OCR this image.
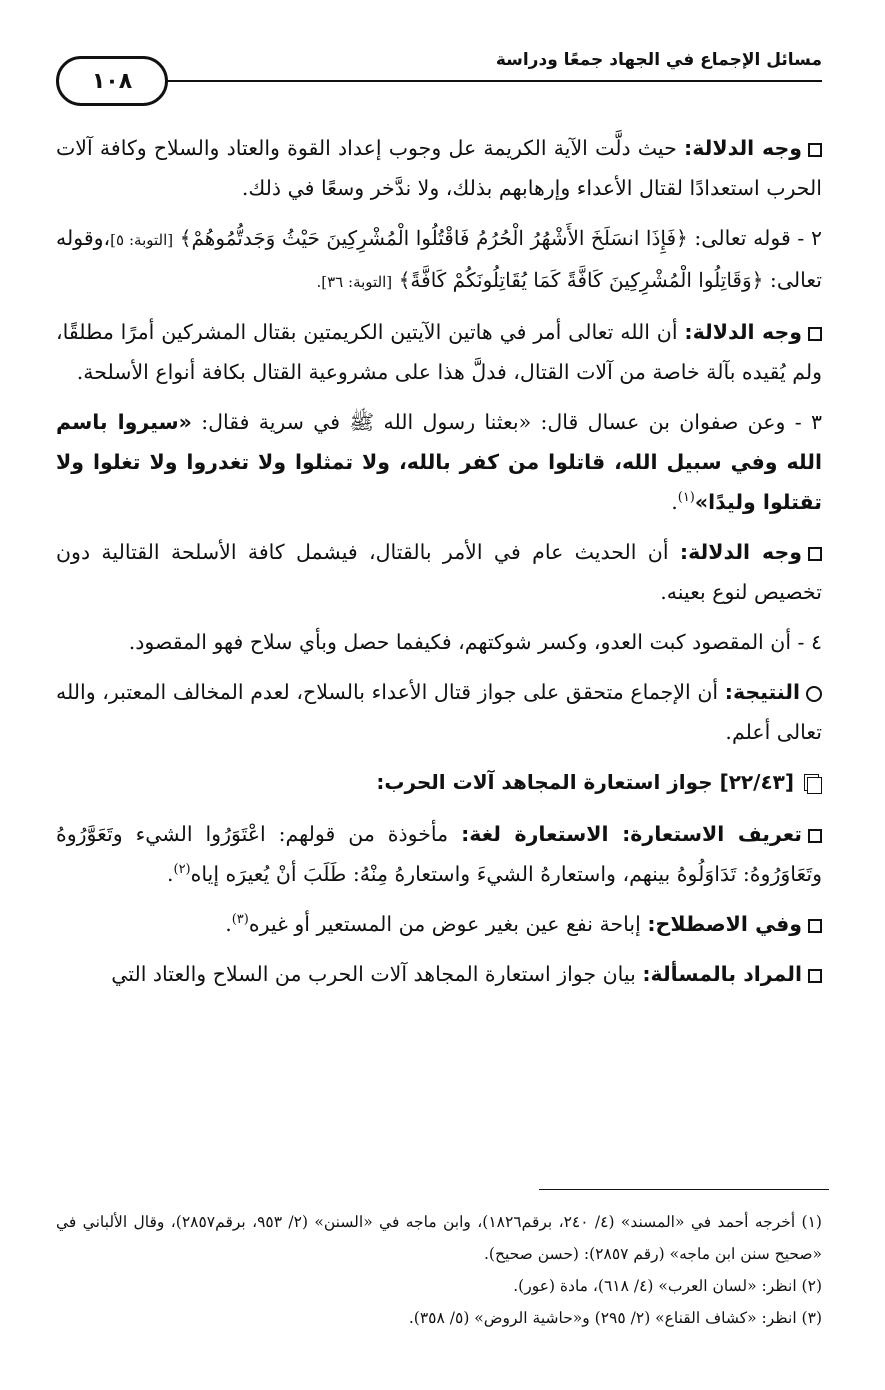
مسائل الإجماع في الجهاد جمعًا ودراسة
١٠٨

وجه الدلالة: حيث دلَّت الآية الكريمة عل وجوب إعداد القوة والعتاد والسلاح وكافة آلات الحرب استعدادًا لقتال الأعداء وإرهابهم بذلك، ولا ندَّخر وسعًا في ذلك.

٢ - قوله تعالى: ﴿فَإِذَا انسَلَخَ الأَشْهُرُ الْحُرُمُ فَاقْتُلُوا الْمُشْرِكِينَ حَيْثُ وَجَدتُّمُوهُمْ﴾ [التوبة: ٥]،وقوله تعالى: ﴿وَقَاتِلُوا الْمُشْرِكِينَ كَافَّةً كَمَا يُقَاتِلُونَكُمْ كَافَّةً﴾ [التوبة: ٣٦].

وجه الدلالة: أن الله تعالى أمر في هاتين الآيتين الكريمتين بقتال المشركين أمرًا مطلقًا، ولم يُقيده بآلة خاصة من آلات القتال، فدلَّ هذا على مشروعية القتال بكافة أنواع الأسلحة.

٣ - وعن صفوان بن عسال قال: «بعثنا رسول الله ﷺ في سرية فقال: «سيروا باسم الله وفي سبيل الله، قاتلوا من كفر بالله، ولا تمثلوا ولا تغدروا ولا تغلوا ولا تقتلوا وليدًا»$^{(١)}$.

وجه الدلالة: أن الحديث عام في الأمر بالقتال، فيشمل كافة الأسلحة القتالية دون تخصيص لنوع بعينه.

٤ - أن المقصود كبت العدو، وكسر شوكتهم، فكيفما حصل وبأي سلاح فهو المقصود.

النتيجة: أن الإجماع متحقق على جواز قتال الأعداء بالسلاح، لعدم المخالف المعتبر، والله تعالى أعلم.

[٢٢/٤٣] جواز استعارة المجاهد آلات الحرب:

تعريف الاستعارة: الاستعارة لغة: مأخوذة من قولهم: اعْتَوَرُوا الشيء وتَعَوَّرُوهُ وتَعَاوَرُوهُ: تَدَاوَلُوهُ بينهم، واستعارهُ الشيءَ واستعارهُ مِنْهُ: طَلَبَ أنْ يُعيرَه إياه$^{(٢)}$.

وفي الاصطلاح: إباحة نفع عين بغير عوض من المستعير أو غيره$^{(٣)}$.

المراد بالمسألة: بيان جواز استعارة المجاهد آلات الحرب من السلاح والعتاد التي

(١) أخرجه أحمد في «المسند» (٤/ ٢٤٠، برقم١٨٢٦)، وابن ماجه في «السنن» (٢/ ٩٥٣، برقم٢٨٥٧)، وقال الألباني في «صحيح سنن ابن ماجه» (رقم ٢٨٥٧): (حسن صحيح).

(٢) انظر: «لسان العرب» (٤/ ٦١٨)، مادة (عور).

(٣) انظر: «كشاف القناع» (٢/ ٢٩٥) و«حاشية الروض» (٥/ ٣٥٨).
